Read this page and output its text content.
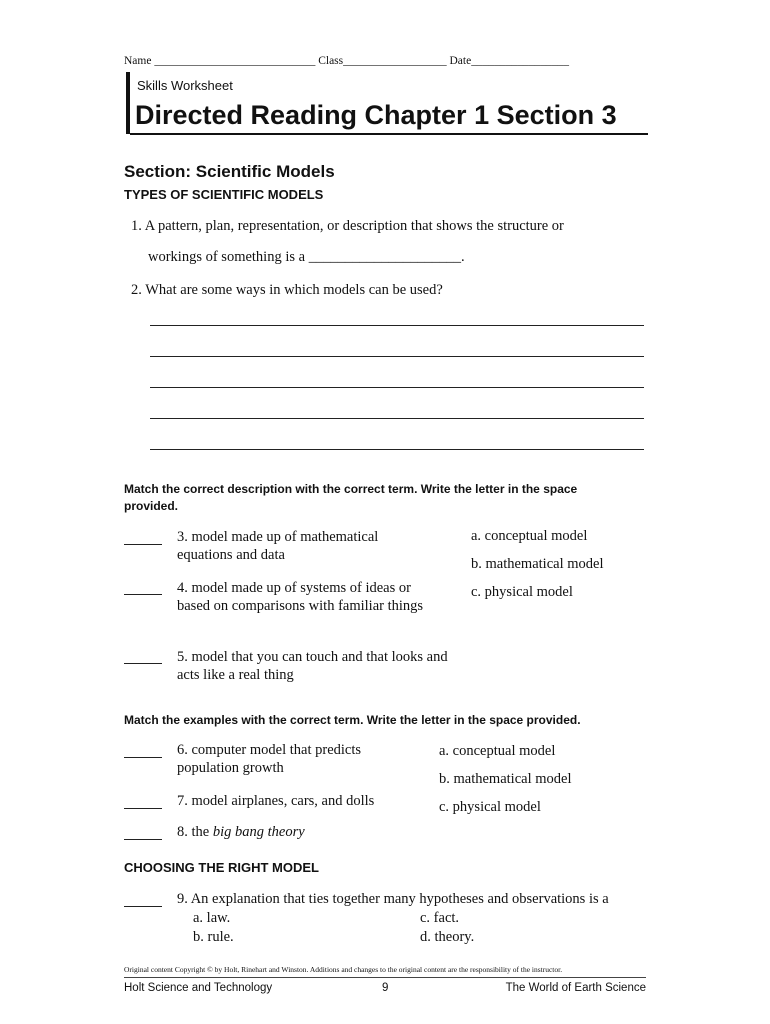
Name ____________________________ Class__________________ Date_________________
Skills Worksheet
Directed Reading Chapter 1 Section 3
Section: Scientific Models
TYPES OF SCIENTIFIC MODELS
1. A pattern, plan, representation, or description that shows the structure or
workings of something is a _____________________.
2. What are some ways in which models can be used?
Match the correct description with the correct term. Write the letter in the space provided.
3. model made up of mathematical equations and data
4. model made up of systems of ideas or based on comparisons with familiar things
5. model that you can touch and that looks and acts like a real thing
a. conceptual model
b. mathematical model
c. physical model
Match the examples with the correct term. Write the letter in the space provided.
6. computer model that predicts population growth
7. model airplanes, cars, and dolls
8. the big bang theory
a. conceptual model
b. mathematical model
c. physical model
CHOOSING THE RIGHT MODEL
9. An explanation that ties together many hypotheses and observations is a
a. law.
b. rule.
c. fact.
d. theory.
Original content Copyright © by Holt, Rinehart and Winston. Additions and changes to the original content are the responsibility of the instructor.
Holt Science and Technology	9	The World of Earth Science
